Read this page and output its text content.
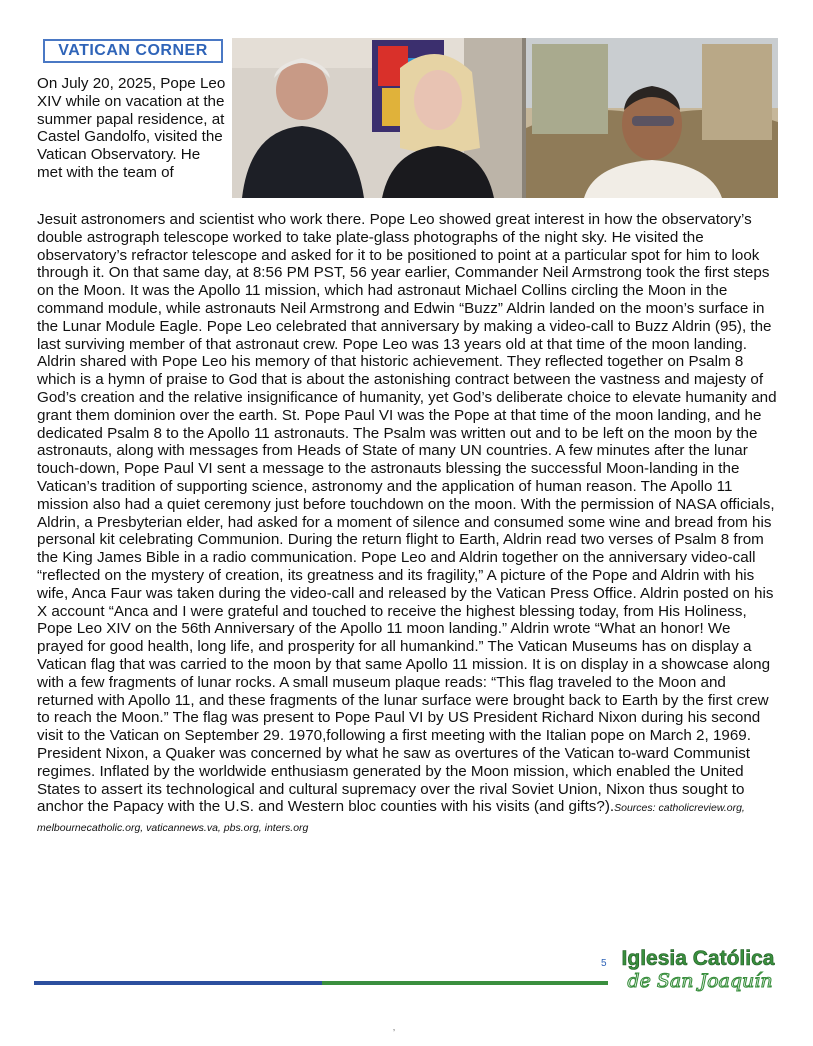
VATICAN CORNER
On July 20, 2025, Pope Leo XIV while on vacation at the summer papal residence, at Castel Gandolfo, visited the Vatican Observatory. He met with the team of
Jesuit astronomers and scientist who work there. Pope Leo showed great interest in how the observatory’s double astrograph telescope worked to take plate-glass photographs of the night sky. He visited the observatory’s refractor telescope and asked for it to be positioned to point at a particular spot for him to look through it. On that same day, at 8:56 PM PST, 56 year earlier, Commander Neil Armstrong took the first steps on the Moon. It was the Apollo 11 mission, which had astronaut Michael Collins circling the Moon in the command module, while astronauts Neil Armstrong and Edwin “Buzz” Aldrin landed on the moon’s surface in the Lunar Module Eagle. Pope Leo celebrated that anniversary by making a video-call to Buzz Aldrin (95), the last surviving member of that astronaut crew. Pope Leo was 13 years old at that time of the moon landing. Aldrin shared with Pope Leo his memory of that historic achievement. They reflected together on Psalm 8 which is a hymn of praise to God that is about the astonishing contract between the vastness and majesty of God’s creation and the relative insignificance of humanity, yet God’s deliberate choice to elevate humanity and grant them dominion over the earth. St. Pope Paul VI was the Pope at that time of the moon landing, and he dedicated Psalm 8 to the Apollo 11 astronauts. The Psalm was written out and to be left on the moon by the astronauts, along with messages from Heads of State of many UN countries. A few minutes after the lunar touch-down, Pope Paul VI sent a message to the astronauts blessing the successful Moon-landing in the Vatican’s tradition of supporting science, astronomy and the application of human reason. The Apollo 11 mission also had a quiet ceremony just before touchdown on the moon. With the permission of NASA officials, Aldrin, a Presbyterian elder, had asked for a moment of silence and consumed some wine and bread from his personal kit celebrating Communion. During the return flight to Earth, Aldrin read two verses of Psalm 8 from the King James Bible in a radio communication. Pope Leo and Aldrin together on the anniversary video-call “reflected on the mystery of creation, its greatness and its fragility,” A picture of the Pope and Aldrin with his wife, Anca Faur was taken during the video-call and released by the Vatican Press Office. Aldrin posted on his X account “Anca and I were grateful and touched to receive the highest blessing today, from His Holiness, Pope Leo XIV on the 56th Anniversary of the Apollo 11 moon landing.” Aldrin wrote “What an honor! We prayed for good health, long life, and prosperity for all humankind.” The Vatican Museums has on display a Vatican flag that was carried to the moon by that same Apollo 11 mission. It is on display in a showcase along with a few fragments of lunar rocks. A small museum plaque reads: “This flag traveled to the Moon and returned with Apollo 11, and these fragments of the lunar surface were brought back to Earth by the first crew to reach the Moon.” The flag was present to Pope Paul VI by US President Richard Nixon during his second visit to the Vatican on September 29. 1970,following a first meeting with the Italian pope on March 2, 1969. President Nixon, a Quaker was concerned by what he saw as overtures of the Vatican to-ward Communist regimes. Inflated by the worldwide enthusiasm generated by the Moon mission, which enabled the United States to assert its technological and cultural supremacy over the rival Soviet Union, Nixon thus sought to anchor the Papacy with the U.S. and Western bloc counties with his visits (and gifts?).Sources: catholicreview.org, melbournecatholic.org, vaticannews.va, pbs.org, inters.org
5 Iglesia Católica
de San Joaquín
‚
